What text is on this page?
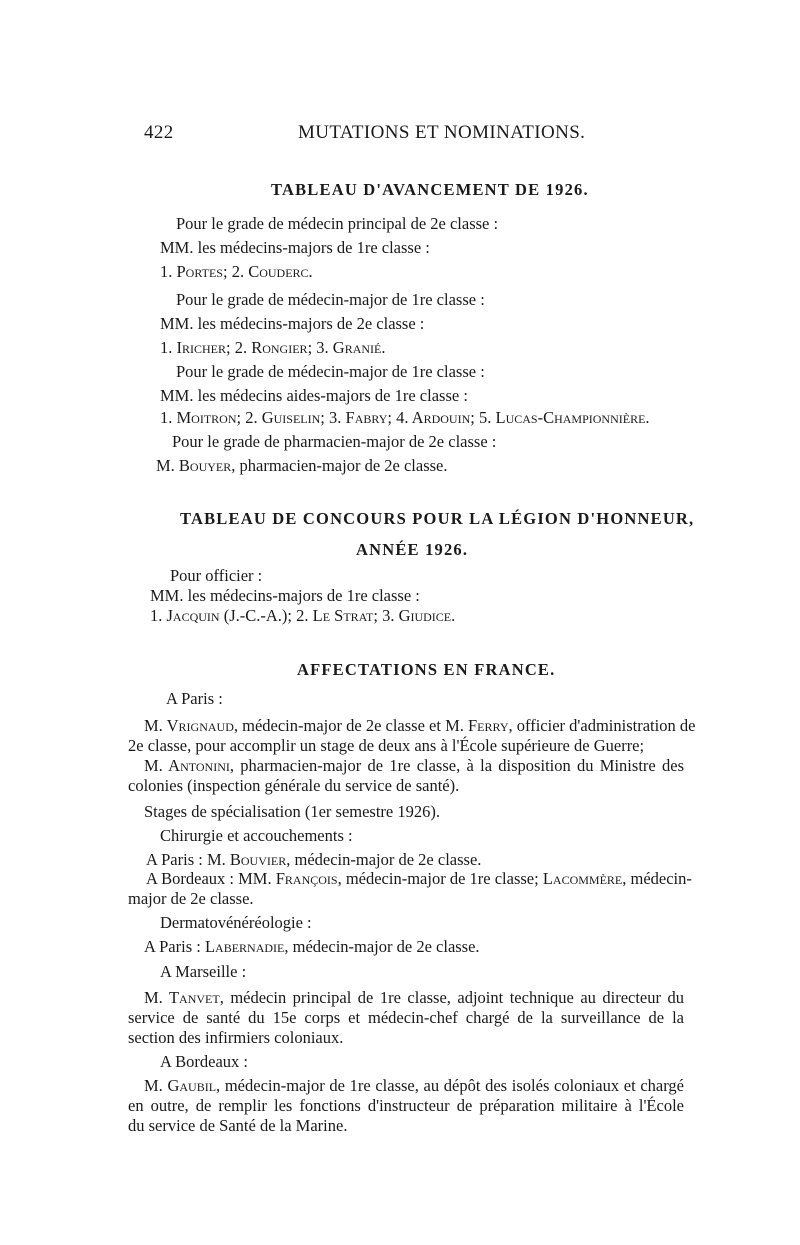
422	MUTATIONS ET NOMINATIONS.
TABLEAU D'AVANCEMENT DE 1926.
Pour le grade de médecin principal de 2e classe :
MM. les médecins-majors de 1re classe :
1. Portes; 2. Couderc.
Pour le grade de médecin-major de 1re classe :
MM. les médecins-majors de 2e classe :
1. Iricher; 2. Rongier; 3. Granié.
Pour le grade de médecin-major de 1re classe :
MM. les médecins aides-majors de 1re classe :
1. Moitron; 2. Guiselin; 3. Fabry; 4. Ardouin; 5. Lucas-Championnière.
Pour le grade de pharmacien-major de 2e classe :
M. Bouyer, pharmacien-major de 2e classe.
TABLEAU DE CONCOURS POUR LA LÉGION D'HONNEUR,
ANNÉE 1926.
Pour officier :
MM. les médecins-majors de 1re classe :
1. Jacquin (J.-C.-A.); 2. Le Strat; 3. Giudice.
AFFECTATIONS EN FRANCE.
A Paris :
M. Vrignaud, médecin-major de 2e classe et M. Ferry, officier d'administration de
2e classe, pour accomplir un stage de deux ans à l'École supérieure de Guerre;
M. Antonini, pharmacien-major de 1re classe, à la disposition du Ministre des
colonies (inspection générale du service de santé).
Stages de spécialisation (1er semestre 1926).
Chirurgie et accouchements :
A Paris : M. Bouvier, médecin-major de 2e classe.
A Bordeaux : MM. François, médecin-major de 1re classe; Lacommère, médecin-
major de 2e classe.
Dermatovénéréologie :
A Paris : Labernadie, médecin-major de 2e classe.
A Marseille :
M. Tanvet, médecin principal de 1re classe, adjoint technique au directeur du
service de santé du 15e corps et médecin-chef chargé de la surveillance de la
section des infirmiers coloniaux.
A Bordeaux :
M. Gaubil, médecin-major de 1re classe, au dépôt des isolés coloniaux et chargé
en outre, de remplir les fonctions d'instructeur de préparation militaire à l'École
du service de Santé de la Marine.
